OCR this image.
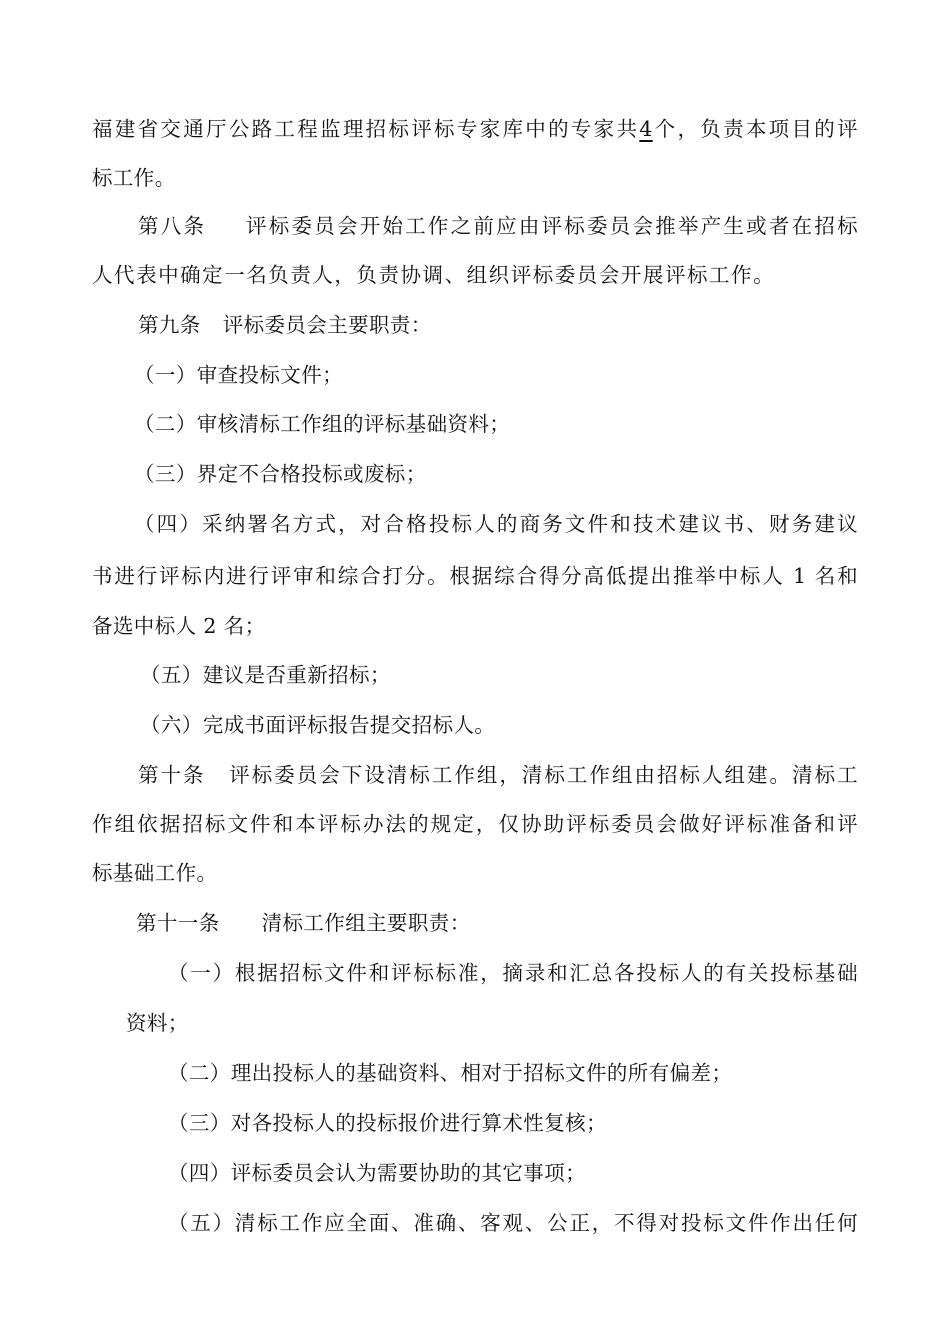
福建省交通厅公路工程监理招标评标专家库中的专家共4个，负责本项目的评
标工作。
第八条 评标委员会开始工作之前应由评标委员会推举产生或者在招标
人代表中确定一名负责人，负责协调、组织评标委员会开展评标工作。
第九条 评标委员会主要职责：
（一）审查投标文件；
（二）审核清标工作组的评标基础资料；
（三）界定不合格投标或废标；
（四）采纳署名方式，对合格投标人的商务文件和技术建议书、财务建议
书进行评标内进行评审和综合打分。根据综合得分高低提出推举中标人 1 名和
备选中标人 2 名；
（五）建议是否重新招标；
（六）完成书面评标报告提交招标人。
第十条 评标委员会下设清标工作组，清标工作组由招标人组建。清标工
作组依据招标文件和本评标办法的规定，仅协助评标委员会做好评标准备和评
标基础工作。
第十一条 清标工作组主要职责：
（一）根据招标文件和评标标准，摘录和汇总各投标人的有关投标基础
资料；
（二）理出投标人的基础资料、相对于招标文件的所有偏差；
（三）对各投标人的投标报价进行算术性复核；
（四）评标委员会认为需要协助的其它事项；
（五）清标工作应全面、准确、客观、公正，不得对投标文件作出任何
